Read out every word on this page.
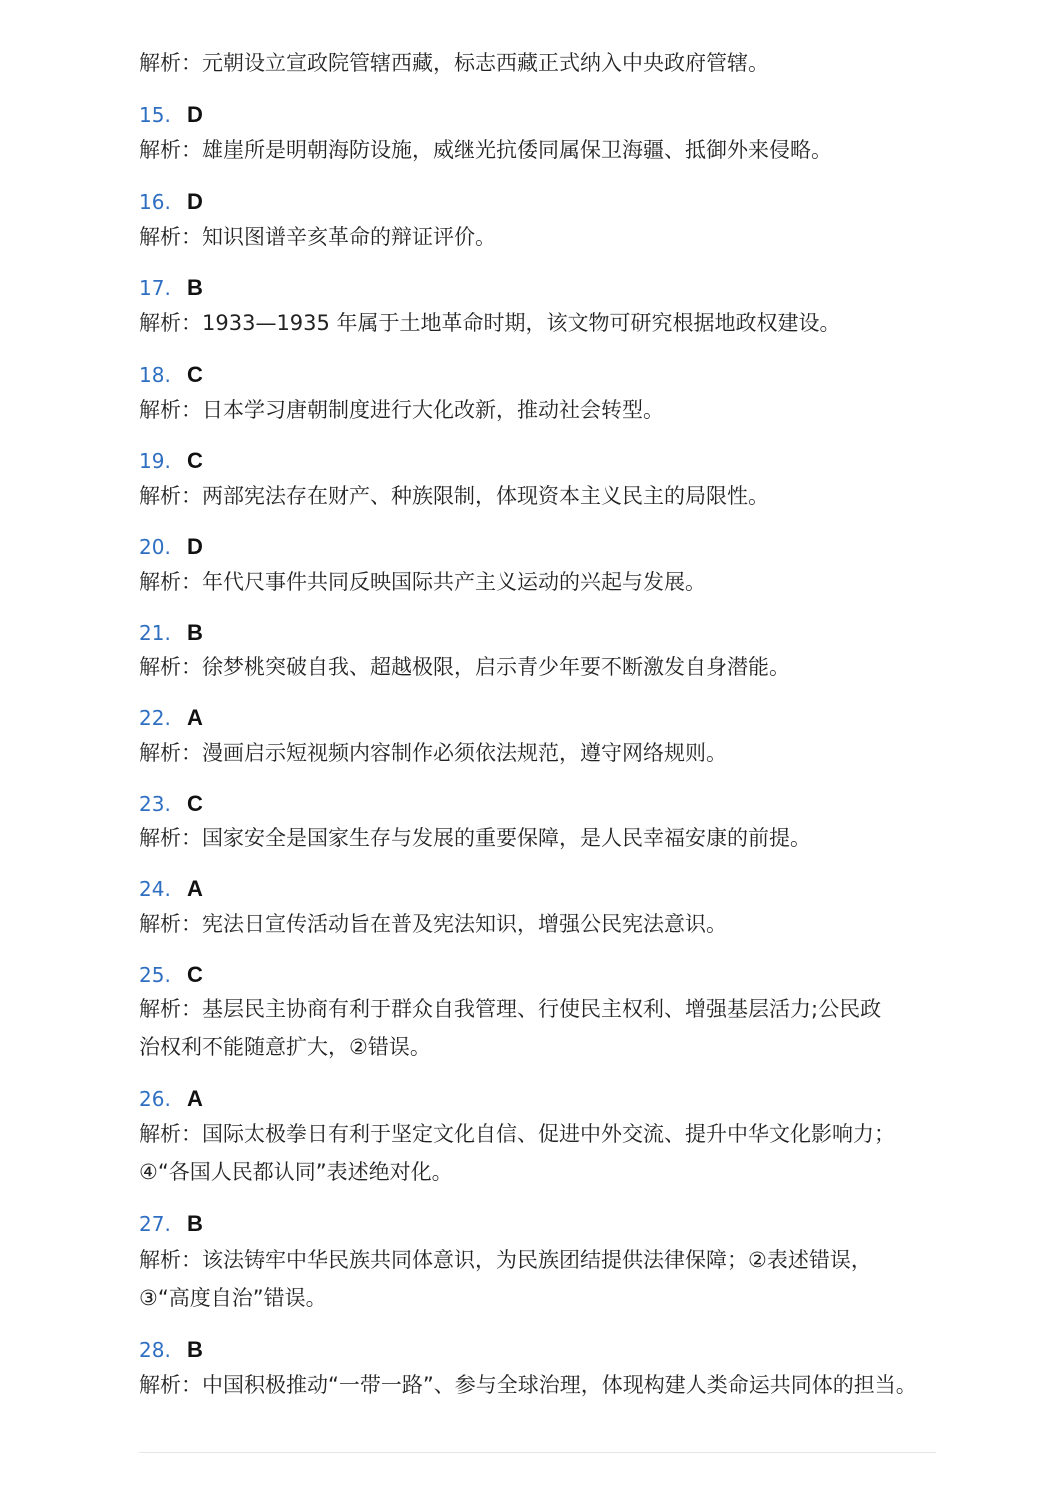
解析：元朝设立宣政院管辖西藏，标志西藏正式纳入中央政府管辖。
15. D
解析：雄崖所是明朝海防设施，威继光抗倭同属保卫海疆、抵御外来侵略。
16. D
解析：知识图谱辛亥革命的辩证评价。
17. B
解析：1933—1935 年属于土地革命时期，该文物可研究根据地政权建设。
18. C
解析：日本学习唐朝制度进行大化改新，推动社会转型。
19. C
解析：两部宪法存在财产、种族限制，体现资本主义民主的局限性。
20. D
解析：年代尺事件共同反映国际共产主义运动的兴起与发展。
21. B
解析：徐梦桃突破自我、超越极限，启示青少年要不断激发自身潜能。
22. A
解析：漫画启示短视频内容制作必须依法规范，遵守网络规则。
23. C
解析：国家安全是国家生存与发展的重要保障，是人民幸福安康的前提。
24. A
解析：宪法日宣传活动旨在普及宪法知识，增强公民宪法意识。
25. C
解析：基层民主协商有利于群众自我管理、行使民主权利、增强基层活力;公民政
治权利不能随意扩大，②错误。
26. A
解析：国际太极拳日有利于坚定文化自信、促进中外交流、提升中华文化影响力；
④“各国人民都认同”表述绝对化。
27. B
解析：该法铸牢中华民族共同体意识，为民族团结提供法律保障；②表述错误，
③“高度自治”错误。
28. B
解析：中国积极推动“一带一路”、参与全球治理，体现构建人类命运共同体的担当。
